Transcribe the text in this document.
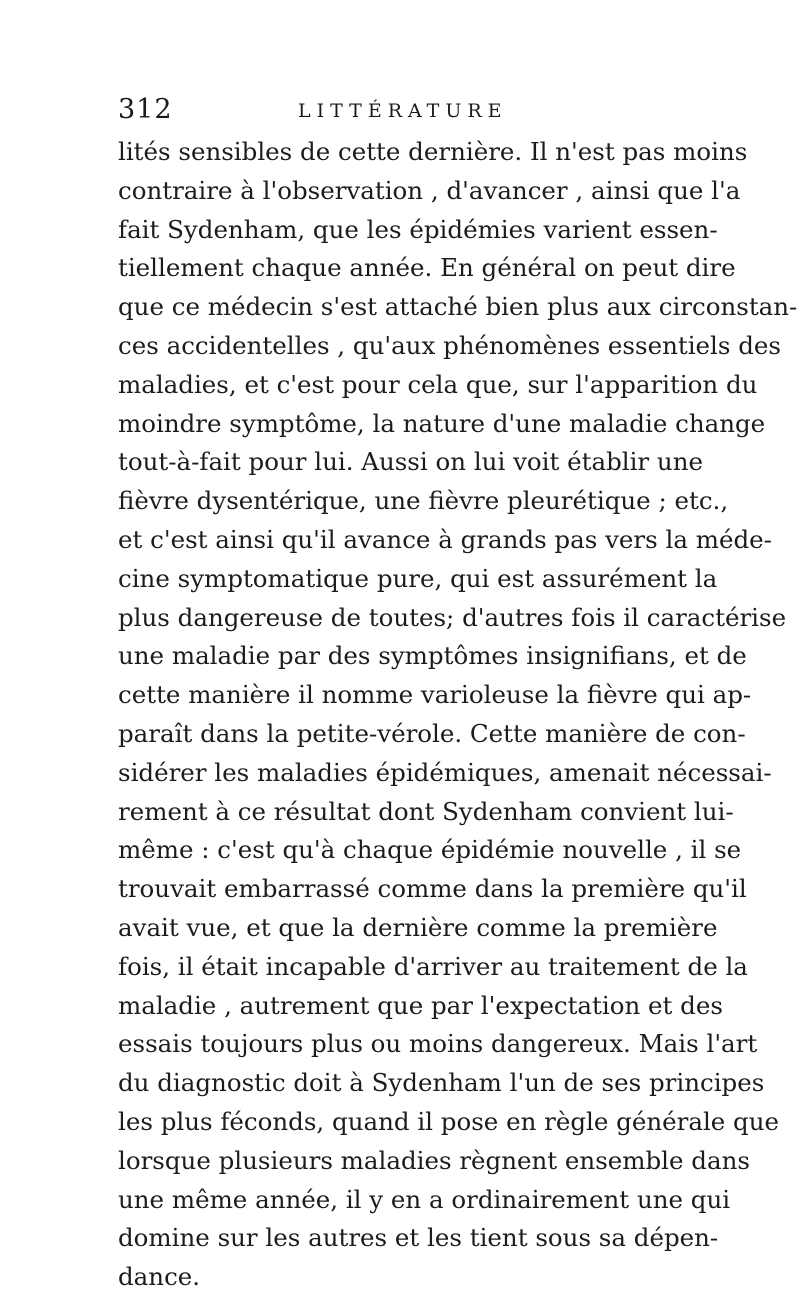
312	LITTÉRATURE
lités sensibles de cette dernière. Il n'est pas moins
contraire à l'observation , d'avancer , ainsi que l'a
fait Sydenham, que les épidémies varient essen-
tiellement chaque année. En général on peut dire
que ce médecin s'est attaché bien plus aux circonstan-
ces accidentelles , qu'aux phénomènes essentiels des
maladies, et c'est pour cela que, sur l'apparition du
moindre symptôme, la nature d'une maladie change
tout-à-fait pour lui. Aussi on lui voit établir une
fièvre dysentérique, une fièvre pleurétique ; etc.,
et c'est ainsi qu'il avance à grands pas vers la méde-
cine symptomatique pure, qui est assurément la
plus dangereuse de toutes; d'autres fois il caractérise
une maladie par des symptômes insignifians, et de
cette manière il nomme varioleuse la fièvre qui ap-
paraît dans la petite-vérole. Cette manière de con-
sidérer les maladies épidémiques, amenait nécessai-
rement à ce résultat dont Sydenham convient lui-
même : c'est qu'à chaque épidémie nouvelle , il se
trouvait embarrassé comme dans la première qu'il
avait vue, et que la dernière comme la première
fois, il était incapable d'arriver au traitement de la
maladie , autrement que par l'expectation et des
essais toujours plus ou moins dangereux. Mais l'art
du diagnostic doit à Sydenham l'un de ses principes
les plus féconds, quand il pose en règle générale que
lorsque plusieurs maladies règnent ensemble dans
une même année, il y en a ordinairement une qui
domine sur les autres et les tient sous sa dépen-
dance.
